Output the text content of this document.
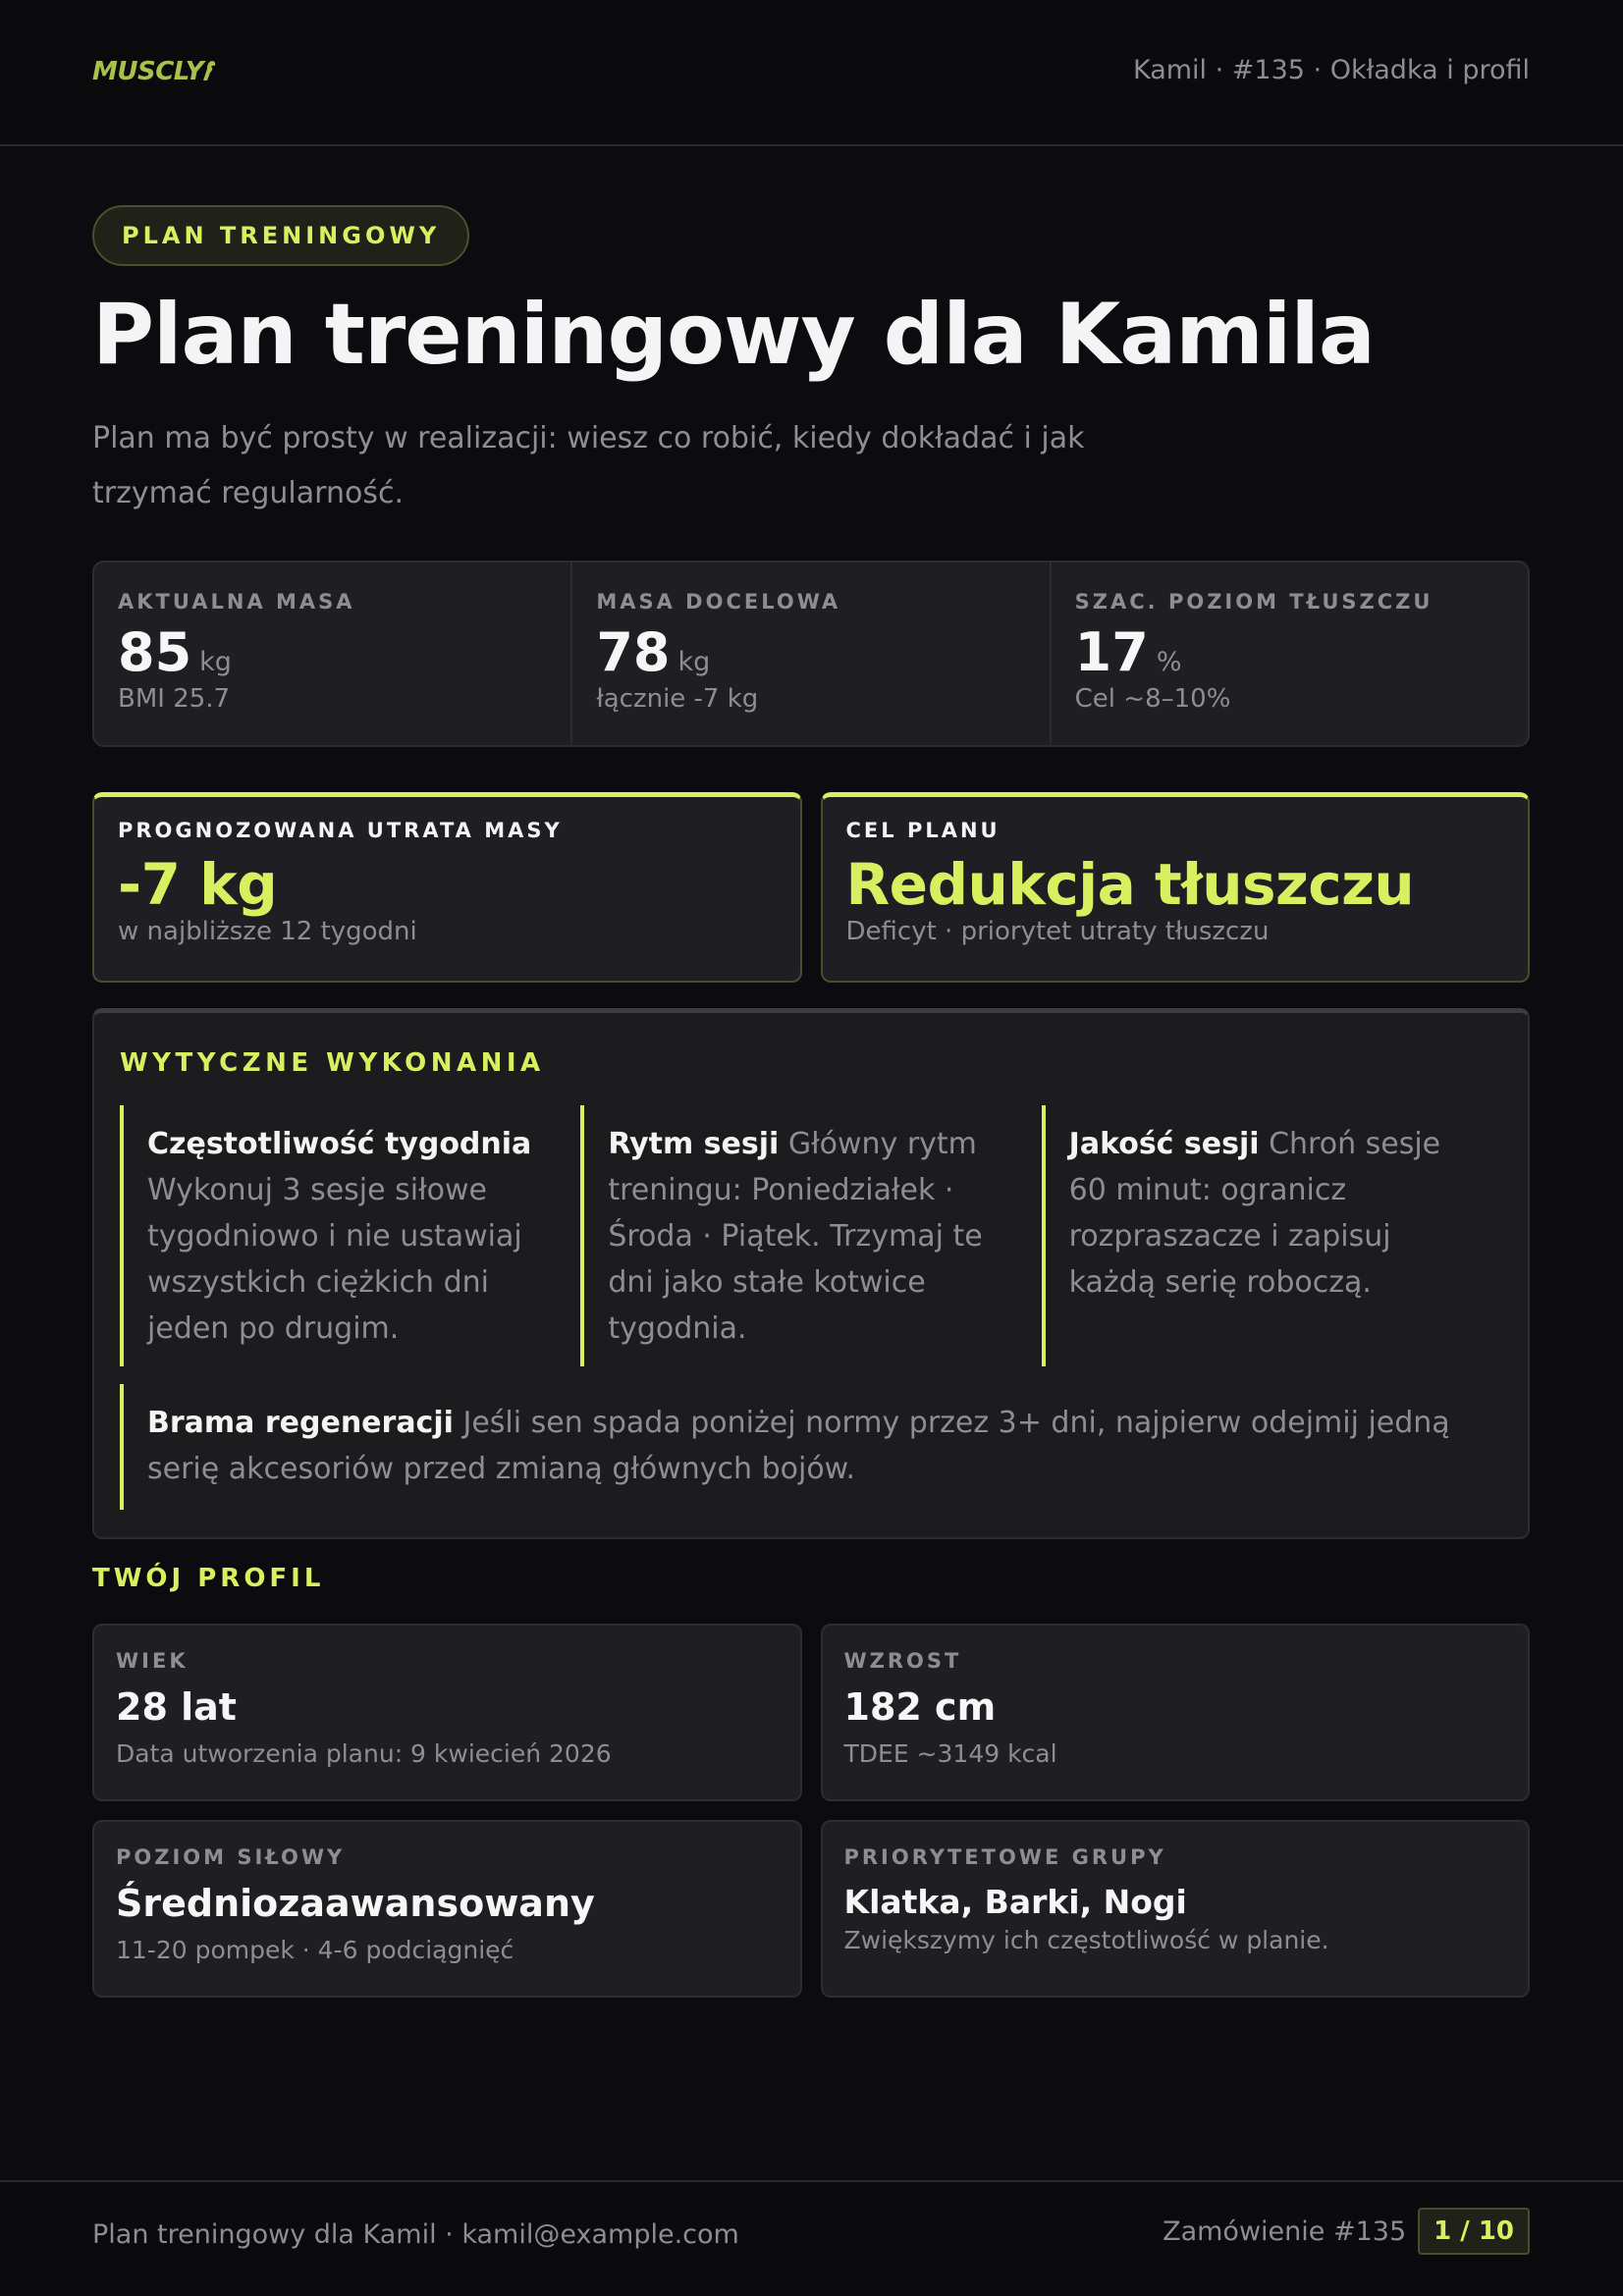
MUSCLY	Kamil · #135 · Okładka i profil
PLAN TRENINGOWY
Plan treningowy dla Kamila

Plan ma być prosty w realizacji: wiesz co robić, kiedy dokładać i jak trzymać regularność.

AKTUALNA MASA
85 kg
BMI 25.7
MASA DOCELOWA
78 kg
łącznie -7 kg
SZAC. POZIOM TŁUSZCZU
17 %
Cel ~8–10%
PROGNOZOWANA UTRATA MASY
-7 kg
w najbliższe 12 tygodni
CEL PLANU
Redukcja tłuszczu
Deficyt · priorytet utraty tłuszczu
WYTYCZNE WYKONANIA
Częstotliwość tygodnia
Wykonuj 3 sesje siłowe tygodniowo i nie ustawiaj wszystkich ciężkich dni jeden po drugim.
Rytm sesji Główny rytm treningu: Poniedziałek · Środa · Piątek. Trzymaj te dni jako stałe kotwice tygodnia.
Jakość sesji Chroń sesje 60 minut: ogranicz rozpraszacze i zapisuj każdą serię roboczą.
Brama regeneracji Jeśli sen spada poniżej normy przez 3+ dni, najpierw odejmij jedną serię akcesoriów przed zmianą głównych bojów.
TWÓJ PROFIL
WIEK
28 lat
Data utworzenia planu: 9 kwiecień 2026
WZROST
182 cm
TDEE ~3149 kcal
POZIOM SIŁOWY
Średniozaawansowany
11-20 pompek · 4-6 podciągnięć
PRIORYTETOWE GRUPY
Klatka, Barki, Nogi
Zwiększymy ich częstotliwość w planie.
Plan treningowy dla Kamil · kamil@example.com	Zamówienie #135	1 / 10
